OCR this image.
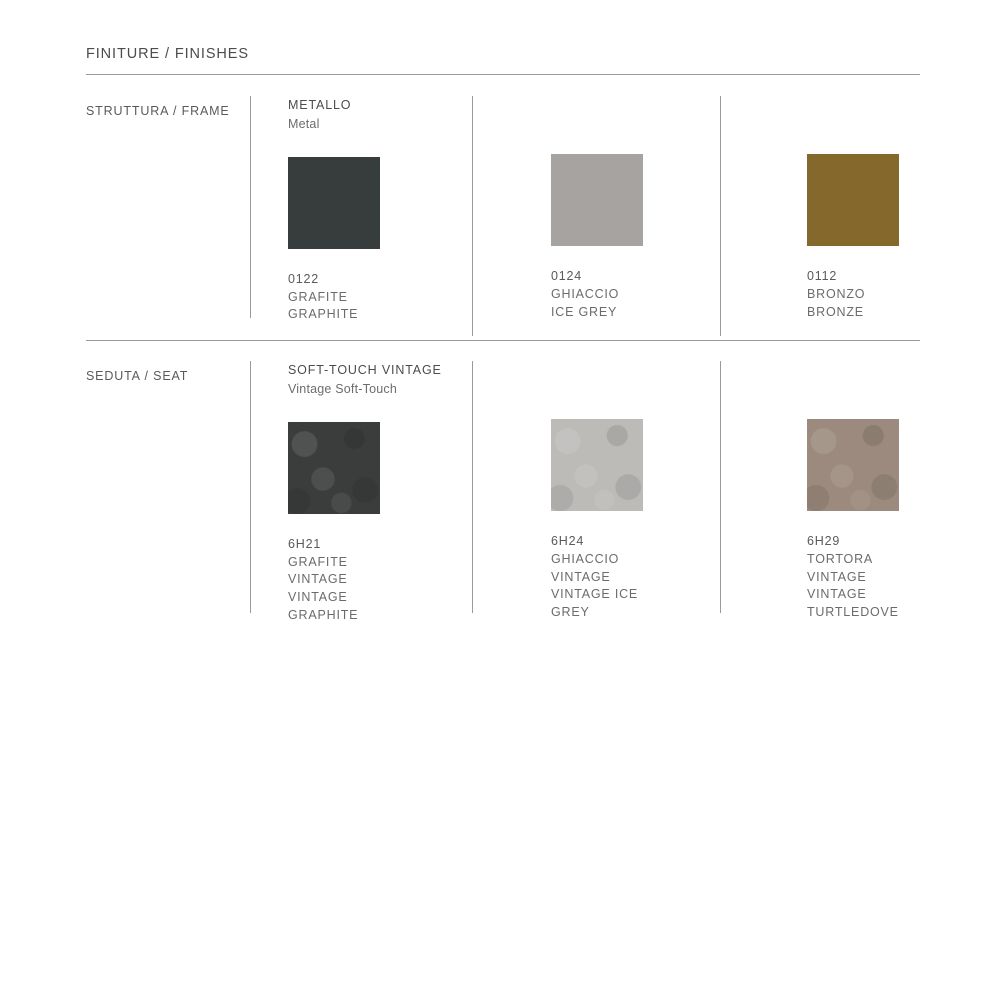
FINITURE / FINISHES
STRUTTURA / FRAME	METALLO
Metal
0122
GRAFITE
GRAPHITE
0124
GHIACCIO
ICE GREY
0112
BRONZO
BRONZE
SEDUTA / SEAT	SOFT-TOUCH VINTAGE
Vintage Soft-Touch
6H21
GRAFITE
VINTAGE
VINTAGE
GRAPHITE
6H24
GHIACCIO
VINTAGE
VINTAGE ICE
GREY
6H29
TORTORA
VINTAGE
VINTAGE
TURTLEDOVE
